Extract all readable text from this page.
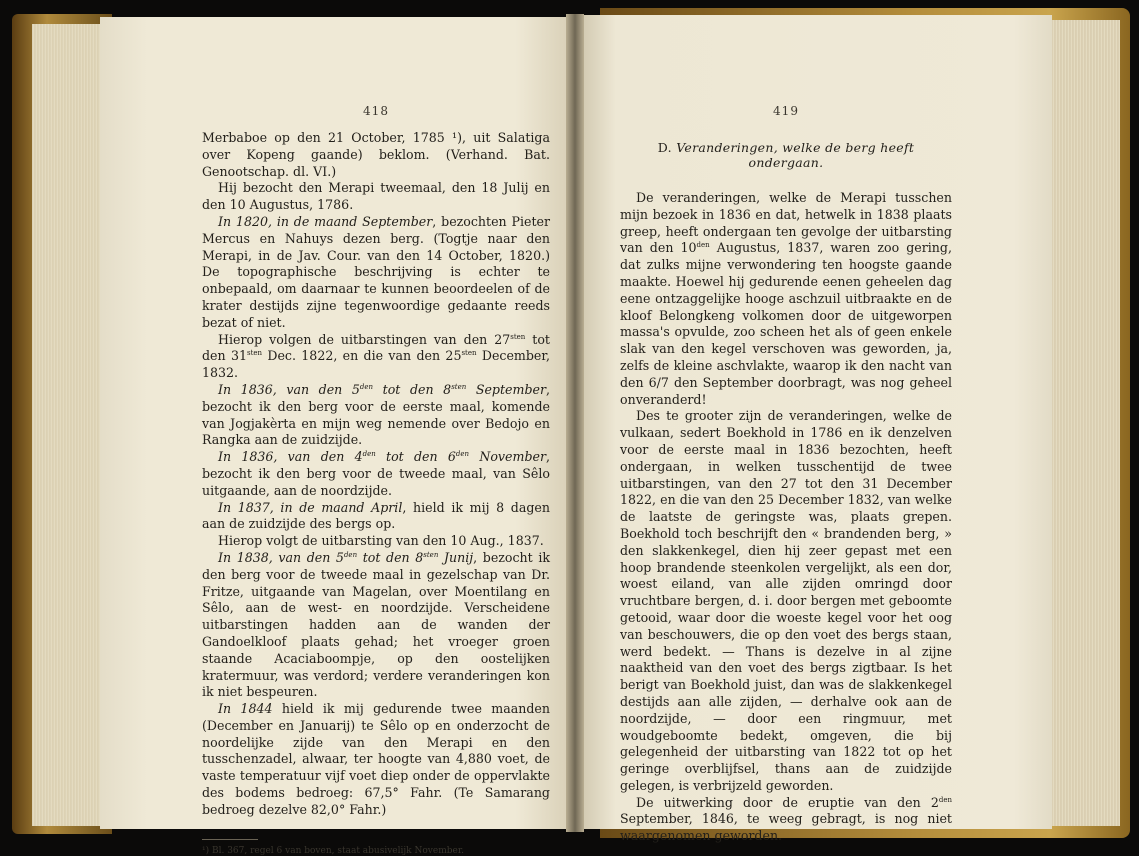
418

Merbaboe op den 21 October, 1785 ¹), uit Salatiga over Kopeng gaande) beklom. (Verhand. Bat. Genootschap. dl. VI.)

Hij bezocht den Merapi tweemaal, den 18 Julij en den 10 Augustus, 1786.

In 1820, in de maand September, bezochten Pieter Mercus en Nahuys dezen berg. (Togtje naar den Merapi, in de Jav. Cour. van den 14 October, 1820.) De topographische beschrijving is echter te onbepaald, om daarnaar te kunnen beoordeelen of de krater destijds zijne tegenwoordige gedaante reeds bezat of niet.

Hierop volgen de uitbarstingen van den $27^{sten}$ tot den $31^{sten}$ Dec. 1822, en die van den $25^{sten}$ December, 1832.

In 1836, van den $5^{den}$ tot den $8^{sten}$ September, bezocht ik den berg voor de eerste maal, komende van Jogjakèrta en mijn weg nemende over Bedojo en Rangka aan de zuidzijde.

In 1836, van den $4^{den}$ tot den $6^{den}$ November, bezocht ik den berg voor de tweede maal, van Sêlo uitgaande, aan de noordzijde.

In 1837, in de maand April, hield ik mij 8 dagen aan de zuidzijde des bergs op.

Hierop volgt de uitbarsting van den 10 Aug., 1837.

In 1838, van den $5^{den}$ tot den $8^{sten}$ Junij, bezocht ik den berg voor de tweede maal in gezelschap van Dr. Fritze, uitgaande van Magelan, over Moentilang en Sêlo, aan de west- en noordzijde. Verscheidene uitbarstingen hadden aan de wanden der Gandoelkloof plaats gehad; het vroeger groen staande Acaciaboompje, op den oostelijken kratermuur, was verdord; verdere veranderingen kon ik niet bespeuren.

In 1844 hield ik mij gedurende twee maanden (December en Januarij) te Sêlo op en onderzocht de noordelijke zijde van den Merapi en den tusschenzadel, alwaar, ter hoogte van 4,880 voet, de vaste temperatuur vijf voet diep onder de oppervlakte des bodems bedroeg: 67,5° Fahr. (Te Samarang bedroeg dezelve 82,0° Fahr.)

¹) Bl. 367, regel 6 van boven, staat abusivelijk November.
419
D. Veranderingen, welke de berg heeft ondergaan.

De veranderingen, welke de Merapi tusschen mijn bezoek in 1836 en dat, hetwelk in 1838 plaats greep, heeft ondergaan ten gevolge der uitbarsting van den $10^{den}$ Augustus, 1837, waren zoo gering, dat zulks mijne verwondering ten hoogste gaande maakte. Hoewel hij gedurende eenen geheelen dag eene ontzaggelijke hooge aschzuil uitbraakte en de kloof Belongkeng volkomen door de uitgeworpen massa's opvulde, zoo scheen het als of geen enkele slak van den kegel verschoven was geworden, ja, zelfs de kleine aschvlakte, waarop ik den nacht van den 6/7 den September doorbragt, was nog geheel onveranderd!

Des te grooter zijn de veranderingen, welke de vulkaan, sedert Boekhold in 1786 en ik denzelven voor de eerste maal in 1836 bezochten, heeft ondergaan, in welken tusschentijd de twee uitbarstingen, van den 27 tot den 31 December 1822, en die van den 25 December 1832, van welke de laatste de geringste was, plaats grepen. Boekhold toch beschrijft den « brandenden berg, » den slakkenkegel, dien hij zeer gepast met een hoop brandende steenkolen vergelijkt, als een dor, woest eiland, van alle zijden omringd door vruchtbare bergen, d. i. door bergen met geboomte getooid, waar door die woeste kegel voor het oog van beschouwers, die op den voet des bergs staan, werd bedekt. — Thans is dezelve in al zijne naaktheid van den voet des bergs zigtbaar. Is het berigt van Boekhold juist, dan was de slakkenkegel destijds aan alle zijden, — derhalve ook aan de noordzijde, — door een ringmuur, met woudgeboomte bedekt, omgeven, die bij gelegenheid der uitbarsting van 1822 tot op het geringe overblijfsel, thans aan de zuidzijde gelegen, is verbrijzeld geworden.

De uitwerking door de eruptie van den $2^{den}$ September, 1846, te weeg gebragt, is nog niet waargenomen geworden.
